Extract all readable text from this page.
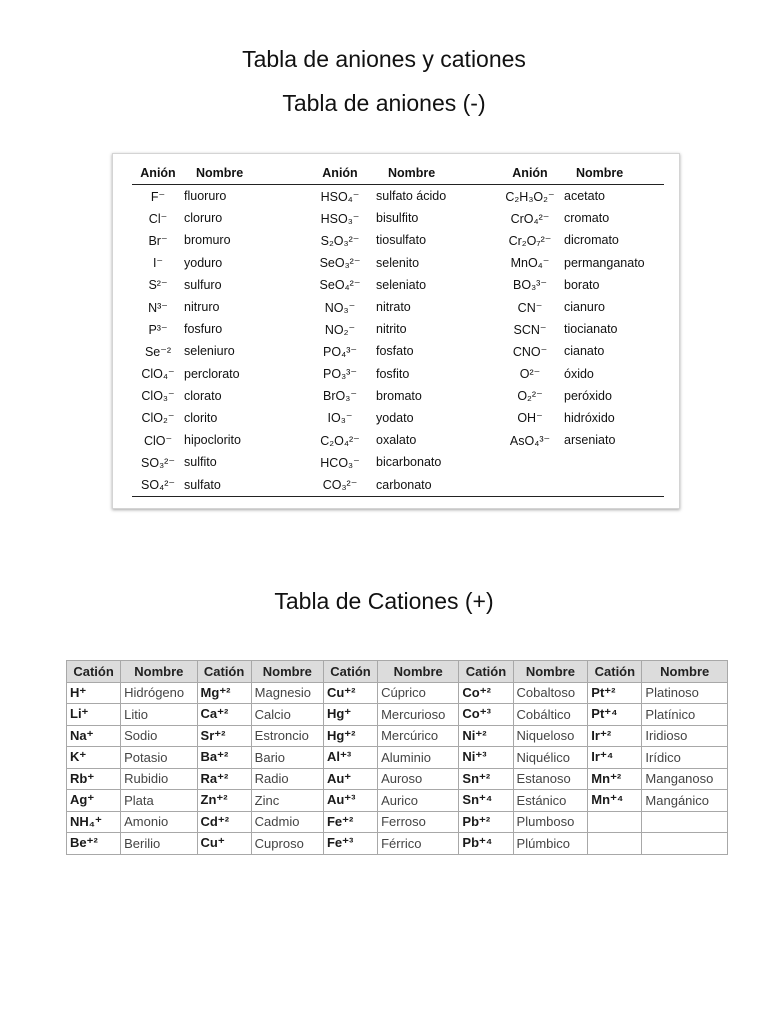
Tabla de aniones y cationes
Tabla de aniones (-)
Anión	Nombre	Anión	Nombre	Anión	Nombre
F⁻	fluoruro	HSO₄⁻	sulfato ácido	C₂H₃O₂⁻	acetato
Cl⁻	cloruro	HSO₃⁻	bisulfito	CrO₄²⁻	cromato
Br⁻	bromuro	S₂O₃²⁻	tiosulfato	Cr₂O₇²⁻	dicromato
I⁻	yoduro	SeO₃²⁻	selenito	MnO₄⁻	permanganato
S²⁻	sulfuro	SeO₄²⁻	seleniato	BO₃³⁻	borato
N³⁻	nitruro	NO₃⁻	nitrato	CN⁻	cianuro
P³⁻	fosfuro	NO₂⁻	nitrito	SCN⁻	tiocianato
Se⁻²	seleniuro	PO₄³⁻	fosfato	CNO⁻	cianato
ClO₄⁻	perclorato	PO₃³⁻	fosfito	O²⁻	óxido
ClO₃⁻	clorato	BrO₃⁻	bromato	O₂²⁻	peróxido
ClO₂⁻	clorito	IO₃⁻	yodato	OH⁻	hidróxido
ClO⁻	hipoclorito	C₂O₄²⁻	oxalato	AsO₄³⁻	arseniato
SO₃²⁻	sulfito	HCO₃⁻	bicarbonato		
SO₄²⁻	sulfato	CO₃²⁻	carbonato		
Tabla de Cationes (+)
Catión	Nombre	Catión	Nombre	Catión	Nombre	Catión	Nombre	Catión	Nombre
H⁺	Hidrógeno	Mg⁺²	Magnesio	Cu⁺²	Cúprico	Co⁺²	Cobaltoso	Pt⁺²	Platinoso
Li⁺	Litio	Ca⁺²	Calcio	Hg⁺	Mercurioso	Co⁺³	Cobáltico	Pt⁺⁴	Platínico
Na⁺	Sodio	Sr⁺²	Estroncio	Hg⁺²	Mercúrico	Ni⁺²	Niqueloso	Ir⁺²	Iridioso
K⁺	Potasio	Ba⁺²	Bario	Al⁺³	Aluminio	Ni⁺³	Niquélico	Ir⁺⁴	Irídico
Rb⁺	Rubidio	Ra⁺²	Radio	Au⁺	Auroso	Sn⁺²	Estanoso	Mn⁺²	Manganoso
Ag⁺	Plata	Zn⁺²	Zinc	Au⁺³	Aurico	Sn⁺⁴	Estánico	Mn⁺⁴	Mangánico
NH₄⁺	Amonio	Cd⁺²	Cadmio	Fe⁺²	Ferroso	Pb⁺²	Plumboso		
Be⁺²	Berilio	Cu⁺	Cuproso	Fe⁺³	Férrico	Pb⁺⁴	Plúmbico		
